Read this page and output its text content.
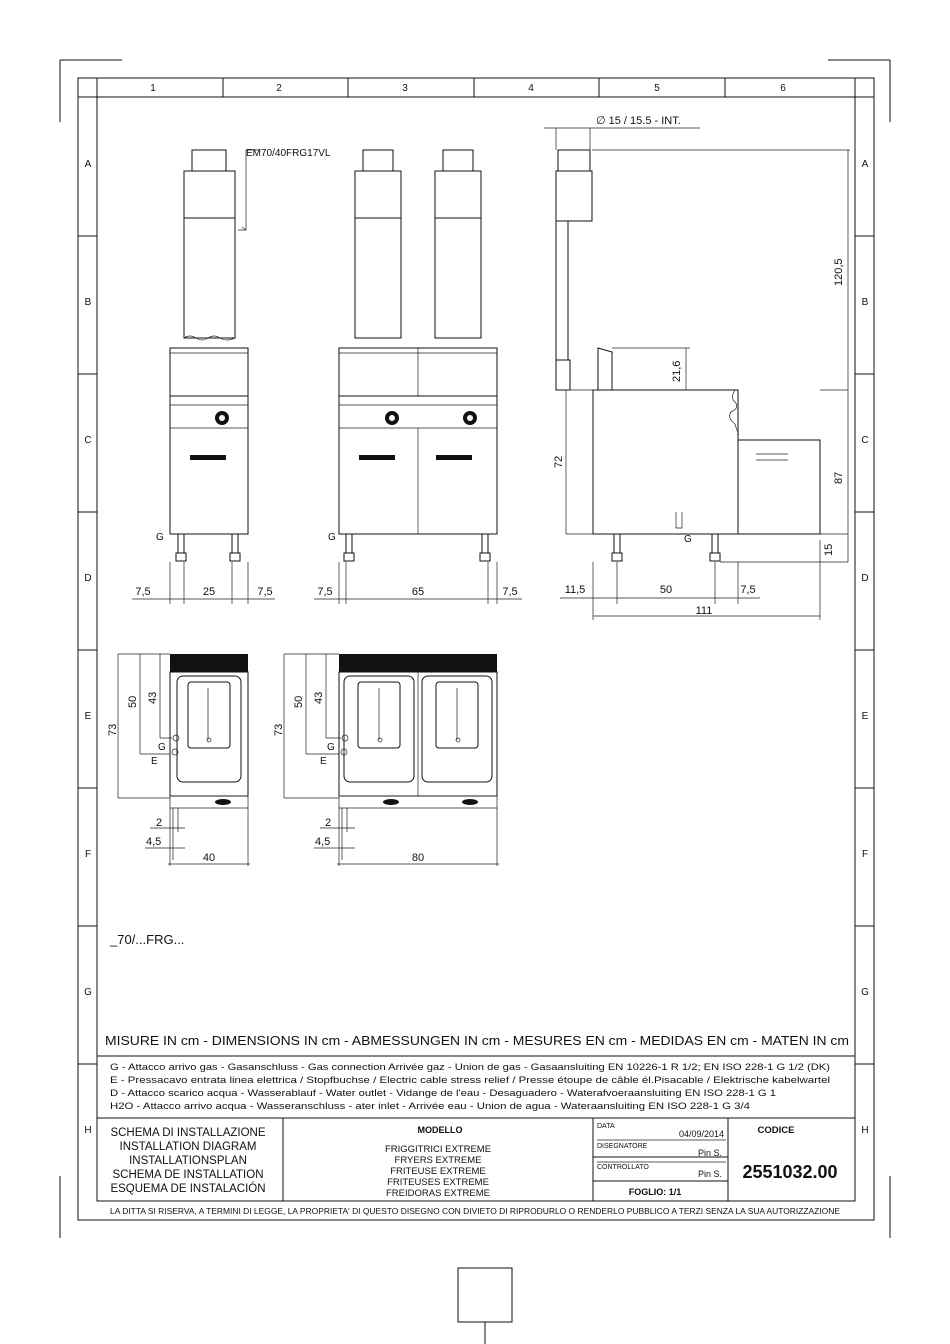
1	2	3	4	5	6
A
B
C
D
E
F
G
H
A
B
C
D
E
F
G
H
EM70/40FRG17VL
G	G
7,5	25	7,5	7,5	65	7,5
G
∅ 15 / 15.5 - INT.
120,5
21,6
72
87
15
11,5	50	7,5
111
73
50 43
G
E
2
4,5
40
73
50 43
G
E
2
4,5
80
_70/...FRG...
MISURE IN cm - DIMENSIONS IN cm - ABMESSUNGEN IN cm - MESURES EN cm - MEDIDAS EN cm - MATEN IN cm
G - Attacco arrivo gas - Gasanschluss - Gas connection Arrivée gaz - Union de gas - Gasaansluiting EN 10226-1 R 1/2; EN ISO 228-1 G 1/2 (DK)
E - Pressacavo entrata linea elettrica / Stopfbuchse / Electric cable stress relief / Presse étoupe de câble él.Pisacable / Elektrische kabelwartel
D - Attacco scarico acqua - Wasserablauf - Water outlet - Vidange de l'eau - Desaguadero - Waterafvoeraansluiting EN ISO 228-1 G 1
H2O - Attacco arrivo acqua - Wasseranschluss - ater inlet - Arrivée eau - Union de agua - Wateraansluiting EN ISO 228-1 G 3/4
SCHEMA DI INSTALLAZIONE
INSTALLATION DIAGRAM
INSTALLATIONSPLAN
SCHEMA DE INSTALLATION
ESQUEMA DE INSTALACIÓN
MODELLO
FRIGGITRICI EXTREME
FRYERS EXTREME
FRITEUSE EXTREME
FRITEUSES EXTREME
FREIDORAS EXTREME
DATA
04/09/2014
DISEGNATORE
Pin S.
CONTROLLATO
Pin S.
FOGLIO: 1/1
CODICE
2551032.00
LA DITTA SI RISERVA, A TERMINI DI LEGGE, LA PROPRIETA' DI QUESTO DISEGNO CON DIVIETO DI RIPRODURLO O RENDERLO PUBBLICO A TERZI SENZA LA SUA AUTORIZZAZIONE
